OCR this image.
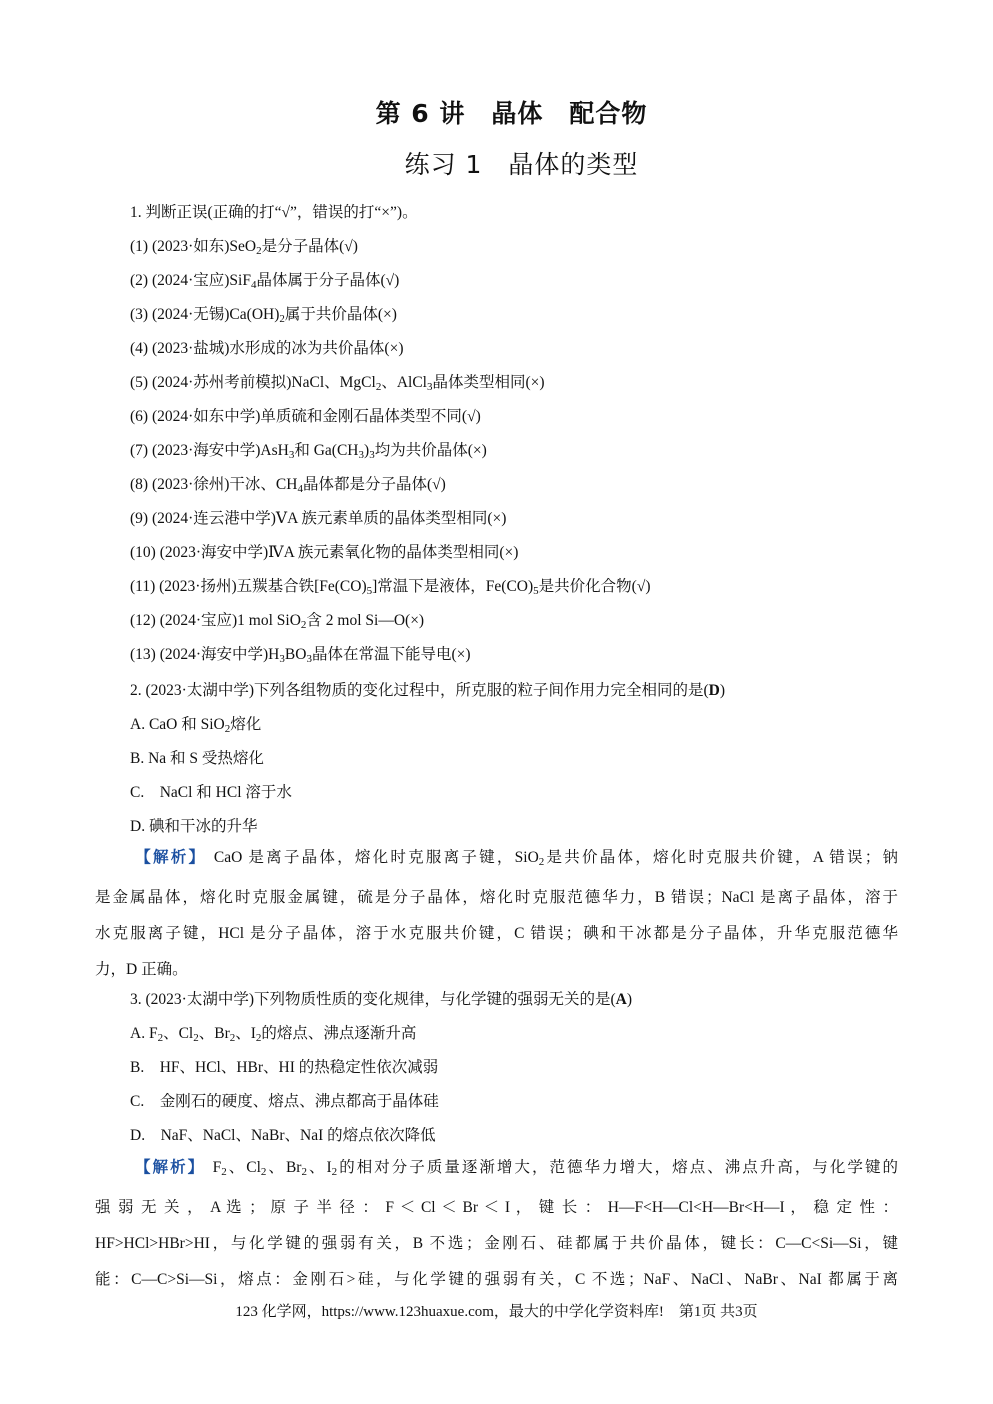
第 6 讲　晶体　配合物
练习 1　晶体的类型
1. 判断正误(正确的打“√”，错误的打“×”)。
(1) (2023·如东)SeO$_2$是分子晶体(√)
(2) (2024·宝应)SiF$_4$晶体属于分子晶体(√)
(3) (2024·无锡)$Ca(OH)_2$属于共价晶体(×)
(4) (2023·盐城)水形成的冰为共价晶体(×)
(5) (2024·苏州考前模拟)NaCl、MgCl$_2$、AlCl$_3$晶体类型相同(×)
(6) (2024·如东中学)单质硫和金刚石晶体类型不同(√)
(7) (2023·海安中学)AsH$_3$和 $Ga(CH_3)_3$均为共价晶体(×)
(8) (2023·徐州)干冰、$CH_4$晶体都是分子晶体(√)
(9) (2024·连云港中学)ⅤA 族元素单质的晶体类型相同(×)
(10) (2023·海安中学)ⅣA 族元素氧化物的晶体类型相同(×)
(11) (2023·扬州)五羰基合铁$[Fe(CO)_5]$常温下是液体，$Fe(CO)_5$是共价化合物(√)
(12) (2024·宝应)1 mol SiO$_2$含 2 mol Si—O(×)
(13) (2024·海安中学)$H_3BO_3$晶体在常温下能导电(×)
2. (2023·太湖中学)下列各组物质的变化过程中，所克服的粒子间作用力完全相同的是(D)
A. CaO 和 SiO$_2$熔化
B. Na 和 S 受热熔化
C.　NaCl 和 HCl 溶于水
D. 碘和干冰的升华
【解析】 CaO 是离子晶体，熔化时克服离子键，SiO$_2$是共价晶体，熔化时克服共价键，A 错误；钠
是金属晶体，熔化时克服金属键，硫是分子晶体，熔化时克服范德华力，B 错误；NaCl 是离子晶体，溶于
水克服离子键，HCl 是分子晶体，溶于水克服共价键，C 错误；碘和干冰都是分子晶体，升华克服范德华
力，D 正确。
3. (2023·太湖中学)下列物质性质的变化规律，与化学键的强弱无关的是(A)
A. $F_2$、$Cl_2$、$Br_2$、$I_2$的熔点、沸点逐渐升高
B.　HF、HCl、HBr、HI 的热稳定性依次减弱
C.　金刚石的硬度、熔点、沸点都高于晶体硅
D.　NaF、NaCl、NaBr、NaI 的熔点依次降低
【解析】 $F_2$、$Cl_2$、$Br_2$、$I_2$的相对分子质量逐渐增大，范德华力增大，熔点、沸点升高，与化学键的
强 弱 无 关 ， A 选 ； 原 子 半 径 ： F ＜ Cl ＜ Br ＜ I ， 键 长 ： H—F<H—Cl<H—Br<H—I ， 稳 定 性 ：
HF>HCl>HBr>HI，与化学键的强弱有关，B 不选；金刚石、硅都属于共价晶体，键长：C—C<Si—Si，键
能：C—C>Si—Si，熔点：金刚石>硅，与化学键的强弱有关，C 不选；NaF、NaCl、NaBr、NaI 都属于离
123 化学网，https://www.123huaxue.com，最大的中学化学资料库!　第1页 共3页
